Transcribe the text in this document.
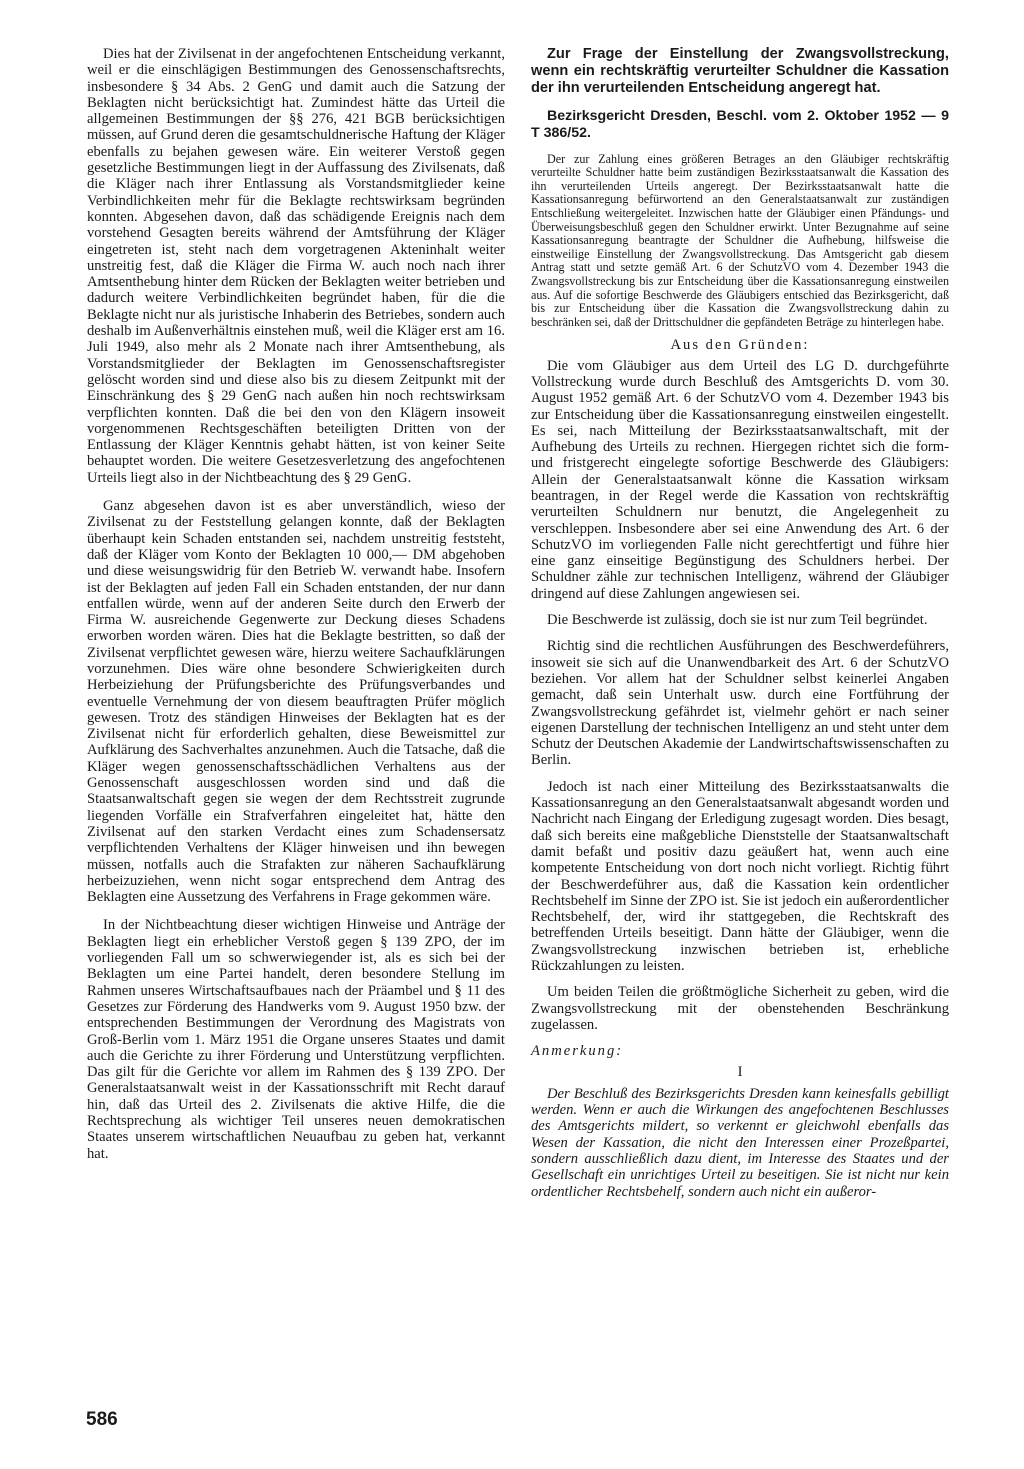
Dies hat der Zivilsenat in der angefochtenen Entscheidung verkannt, weil er die einschlägigen Bestimmungen des Genossenschaftsrechts, insbesondere § 34 Abs. 2 GenG und damit auch die Satzung der Beklagten nicht berücksichtigt hat. Zumindest hätte das Urteil die allgemeinen Bestimmungen der §§ 276, 421 BGB berücksichtigen müssen, auf Grund deren die gesamtschuldnerische Haftung der Kläger ebenfalls zu bejahen gewesen wäre. Ein weiterer Verstoß gegen gesetzliche Bestimmungen liegt in der Auffassung des Zivilsenats, daß die Kläger nach ihrer Entlassung als Vorstandsmitglieder keine Verbindlichkeiten mehr für die Beklagte rechtswirksam begründen konnten. Abgesehen davon, daß das schädigende Ereignis nach dem vorstehend Gesagten bereits während der Amtsführung der Kläger eingetreten ist, steht nach dem vorgetragenen Akteninhalt weiter unstreitig fest, daß die Kläger die Firma W. auch noch nach ihrer Amtsenthebung hinter dem Rücken der Beklagten weiter betrieben und dadurch weitere Verbindlichkeiten begründet haben, für die die Beklagte nicht nur als juristische Inhaberin des Betriebes, sondern auch deshalb im Außenverhältnis einstehen muß, weil die Kläger erst am 16. Juli 1949, also mehr als 2 Monate nach ihrer Amtsenthebung, als Vorstandsmitglieder der Beklagten im Genossenschaftsregister gelöscht worden sind und diese also bis zu diesem Zeitpunkt mit der Einschränkung des § 29 GenG nach außen hin noch rechtswirksam verpflichten konnten. Daß die bei den von den Klägern insoweit vorgenommenen Rechtsgeschäften beteiligten Dritten von der Entlassung der Kläger Kenntnis gehabt hätten, ist von keiner Seite behauptet worden. Die weitere Gesetzesverletzung des angefochtenen Urteils liegt also in der Nichtbeachtung des § 29 GenG.

Ganz abgesehen davon ist es aber unverständlich, wieso der Zivilsenat zu der Feststellung gelangen konnte, daß der Beklagten überhaupt kein Schaden entstanden sei, nachdem unstreitig feststeht, daß der Kläger vom Konto der Beklagten 10 000,— DM abgehoben und diese weisungswidrig für den Betrieb W. verwandt habe. Insofern ist der Beklagten auf jeden Fall ein Schaden entstanden, der nur dann entfallen würde, wenn auf der anderen Seite durch den Erwerb der Firma W. ausreichende Gegenwerte zur Deckung dieses Schadens erworben worden wären. Dies hat die Beklagte bestritten, so daß der Zivilsenat verpflichtet gewesen wäre, hierzu weitere Sachaufklärungen vorzunehmen. Dies wäre ohne besondere Schwierigkeiten durch Herbeiziehung der Prüfungsberichte des Prüfungsverbandes und eventuelle Vernehmung der von diesem beauftragten Prüfer möglich gewesen. Trotz des ständigen Hinweises der Beklagten hat es der Zivilsenat nicht für erforderlich gehalten, diese Beweismittel zur Aufklärung des Sachverhaltes anzunehmen. Auch die Tatsache, daß die Kläger wegen genossenschaftsschädlichen Verhaltens aus der Genossenschaft ausgeschlossen worden sind und daß die Staatsanwaltschaft gegen sie wegen der dem Rechtsstreit zugrunde liegenden Vorfälle ein Strafverfahren eingeleitet hat, hätte den Zivilsenat auf den starken Verdacht eines zum Schadensersatz verpflichtenden Verhaltens der Kläger hinweisen und ihn bewegen müssen, notfalls auch die Strafakten zur näheren Sachaufklärung herbeizuziehen, wenn nicht sogar entsprechend dem Antrag des Beklagten eine Aussetzung des Verfahrens in Frage gekommen wäre.

In der Nichtbeachtung dieser wichtigen Hinweise und Anträge der Beklagten liegt ein erheblicher Verstoß gegen § 139 ZPO, der im vorliegenden Fall um so schwerwiegender ist, als es sich bei der Beklagten um eine Partei handelt, deren besondere Stellung im Rahmen unseres Wirtschaftsaufbaues nach der Präambel und § 11 des Gesetzes zur Förderung des Handwerks vom 9. August 1950 bzw. der entsprechenden Bestimmungen der Verordnung des Magistrats von Groß-Berlin vom 1. März 1951 die Organe unseres Staates und damit auch die Gerichte zu ihrer Förderung und Unterstützung verpflichten. Das gilt für die Gerichte vor allem im Rahmen des § 139 ZPO. Der Generalstaatsanwalt weist in der Kassationsschrift mit Recht darauf hin, daß das Urteil des 2. Zivilsenats die aktive Hilfe, die die Rechtsprechung als wichtiger Teil unseres neuen demokratischen Staates unserem wirtschaftlichen Neuaufbau zu geben hat, verkannt hat.

Zur Frage der Einstellung der Zwangsvollstreckung, wenn ein rechtskräftig verurteilter Schuldner die Kassation der ihn verurteilenden Entscheidung angeregt hat.
Bezirksgericht Dresden, Beschl. vom 2. Oktober 1952 — 9 T 386/52.
Der zur Zahlung eines größeren Betrages an den Gläubiger rechtskräftig verurteilte Schuldner hatte beim zuständigen Bezirksstaatsanwalt die Kassation des ihn verurteilenden Urteils angeregt. Der Bezirksstaatsanwalt hatte die Kassationsanregung befürwortend an den Generalstaatsanwalt zur zuständigen Entschließung weitergeleitet. Inzwischen hatte der Gläubiger einen Pfändungs- und Überweisungsbeschluß gegen den Schuldner erwirkt. Unter Bezugnahme auf seine Kassationsanregung beantragte der Schuldner die Aufhebung, hilfsweise die einstweilige Einstellung der Zwangsvollstreckung. Das Amtsgericht gab diesem Antrag statt und setzte gemäß Art. 6 der SchutzVO vom 4. Dezember 1943 die Zwangsvollstreckung bis zur Entscheidung über die Kassationsanregung einstweilen aus. Auf die sofortige Beschwerde des Gläubigers entschied das Bezirksgericht, daß bis zur Entscheidung über die Kassation die Zwangsvollstreckung dahin zu beschränken sei, daß der Drittschuldner die gepfändeten Beträge zu hinterlegen habe.
Aus den Gründen:

Die vom Gläubiger aus dem Urteil des LG D. durchgeführte Vollstreckung wurde durch Beschluß des Amtsgerichts D. vom 30. August 1952 gemäß Art. 6 der SchutzVO vom 4. Dezember 1943 bis zur Entscheidung über die Kassationsanregung einstweilen eingestellt. Es sei, nach Mitteilung der Bezirksstaatsanwaltschaft, mit der Aufhebung des Urteils zu rechnen. Hiergegen richtet sich die form- und fristgerecht eingelegte sofortige Beschwerde des Gläubigers: Allein der Generalstaatsanwalt könne die Kassation wirksam beantragen, in der Regel werde die Kassation von rechtskräftig verurteilten Schuldnern nur benutzt, die Angelegenheit zu verschleppen. Insbesondere aber sei eine Anwendung des Art. 6 der SchutzVO im vorliegenden Falle nicht gerechtfertigt und führe hier eine ganz einseitige Begünstigung des Schuldners herbei. Der Schuldner zähle zur technischen Intelligenz, während der Gläubiger dringend auf diese Zahlungen angewiesen sei.

Die Beschwerde ist zulässig, doch sie ist nur zum Teil begründet.

Richtig sind die rechtlichen Ausführungen des Beschwerdeführers, insoweit sie sich auf die Unanwendbarkeit des Art. 6 der SchutzVO beziehen. Vor allem hat der Schuldner selbst keinerlei Angaben gemacht, daß sein Unterhalt usw. durch eine Fortführung der Zwangsvollstreckung gefährdet ist, vielmehr gehört er nach seiner eigenen Darstellung der technischen Intelligenz an und steht unter dem Schutz der Deutschen Akademie der Landwirtschaftswissenschaften zu Berlin.

Jedoch ist nach einer Mitteilung des Bezirksstaatsanwalts die Kassationsanregung an den Generalstaatsanwalt abgesandt worden und Nachricht nach Eingang der Erledigung zugesagt worden. Dies besagt, daß sich bereits eine maßgebliche Dienststelle der Staatsanwaltschaft damit befaßt und positiv dazu geäußert hat, wenn auch eine kompetente Entscheidung von dort noch nicht vorliegt. Richtig führt der Beschwerdeführer aus, daß die Kassation kein ordentlicher Rechtsbehelf im Sinne der ZPO ist. Sie ist jedoch ein außerordentlicher Rechtsbehelf, der, wird ihr stattgegeben, die Rechtskraft des betreffenden Urteils beseitigt. Dann hätte der Gläubiger, wenn die Zwangsvollstreckung inzwischen betrieben ist, erhebliche Rückzahlungen zu leisten.

Um beiden Teilen die größtmögliche Sicherheit zu geben, wird die Zwangsvollstreckung mit der obenstehenden Beschränkung zugelassen.

Anmerkung:
I

Der Beschluß des Bezirksgerichts Dresden kann keinesfalls gebilligt werden. Wenn er auch die Wirkungen des angefochtenen Beschlusses des Amtsgerichts mildert, so verkennt er gleichwohl ebenfalls das Wesen der Kassation, die nicht den Interessen einer Prozeßpartei, sondern ausschließlich dazu dient, im Interesse des Staates und der Gesellschaft ein unrichtiges Urteil zu beseitigen. Sie ist nicht nur kein ordentlicher Rechtsbehelf, sondern auch nicht ein außeror-

586
